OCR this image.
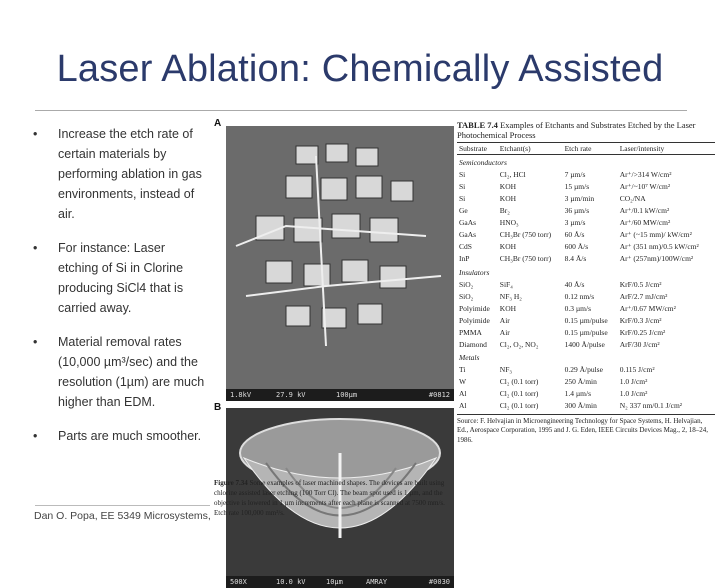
Laser Ablation: Chemically Assisted
• Increase the etch rate of certain materials by performing ablation in gas environments, instead of air.
• For instance: Laser etching of Si in Clorine producing SiCl4 that is carried away.
• Material removal rates (10,000 µm³/sec) and the resolution (1µm) are much higher than EDM.
• Parts are much smoother.
A
1.8kV	27.9 kV	100µm	#0812
B
500X	10.0 kV	10µm	AMRAY	#0030
Figure 7.34 Some examples of laser machined shapes. The devices are built using chlorine assisted laser etching (100 Torr Cl). The beam spot used is 1 µm, and the objective is lowered in 1 µm increments after each plane is scanned at 7500 mm/s. Etch rate 100,000 mm³/s.
TABLE 7.4 Examples of Etchants and Substrates Etched by the Laser Photochemical Process
Substrate	Etchant(s)	Etch rate	Laser/intensity
Semiconductors			
Si	Cl₂, HCl	7 µm/s	Ar⁺/>314 W/cm²
Si	KOH	15 µm/s	Ar⁺/~10⁷ W/cm²
Si	KOH	3 µm/min	CO₂/NA
Ge	Br₂	36 µm/s	Ar⁺/0.1 kW/cm²
GaAs	HNO₃	3 µm/s	Ar⁺/60 MW/cm²
GaAs	CH₃Br (750 torr)	60 Å/s	Ar⁺ (~15 mm)/ kW/cm²
CdS	KOH	600 Å/s	Ar⁺ (351 nm)/0.5 kW/cm²
InP	CH₃Br (750 torr)	8.4 Å/s	Ar⁺ (257nm)/100W/cm²
Insulators			
SiO₂	SiF₄	40 Å/s	KrF/0.5 J/cm²
SiO₂	NF₃ H₂	0.12 nm/s	ArF/2.7 mJ/cm²
Polyimide	KOH	0.3 µm/s	Ar⁺/0.67 MW/cm²
Polyimide	Air	0.15 µm/pulse	KrF/0.3 J/cm²
PMMA	Air	0.15 µm/pulse	KrF/0.25 J/cm²
Diamond	Cl₂, O₂, NO₂	1400 Å/pulse	ArF/30 J/cm²
Metals			
Ti	NF₃	0.29 Å/pulse	0.115 J/cm²
W	Cl₂ (0.1 torr)	250 Å/min	1.0 J/cm²
Al	Cl₂ (0.1 torr)	1.4 µm/s	1.0 J/cm²
Al	Cl₂ (0.1 torr)	300 Å/min	N₂ 337 nm/0.1 J/cm²
Source: F. Helvajian in Microengineering Technology for Space Systems, H. Helvajian, Ed., Aerospace Corporation, 1995 and J. G. Eden, IEEE Circuits Devices Mag., 2, 18–24, 1986.
Dan O. Popa, EE 5349 Microsystems,
